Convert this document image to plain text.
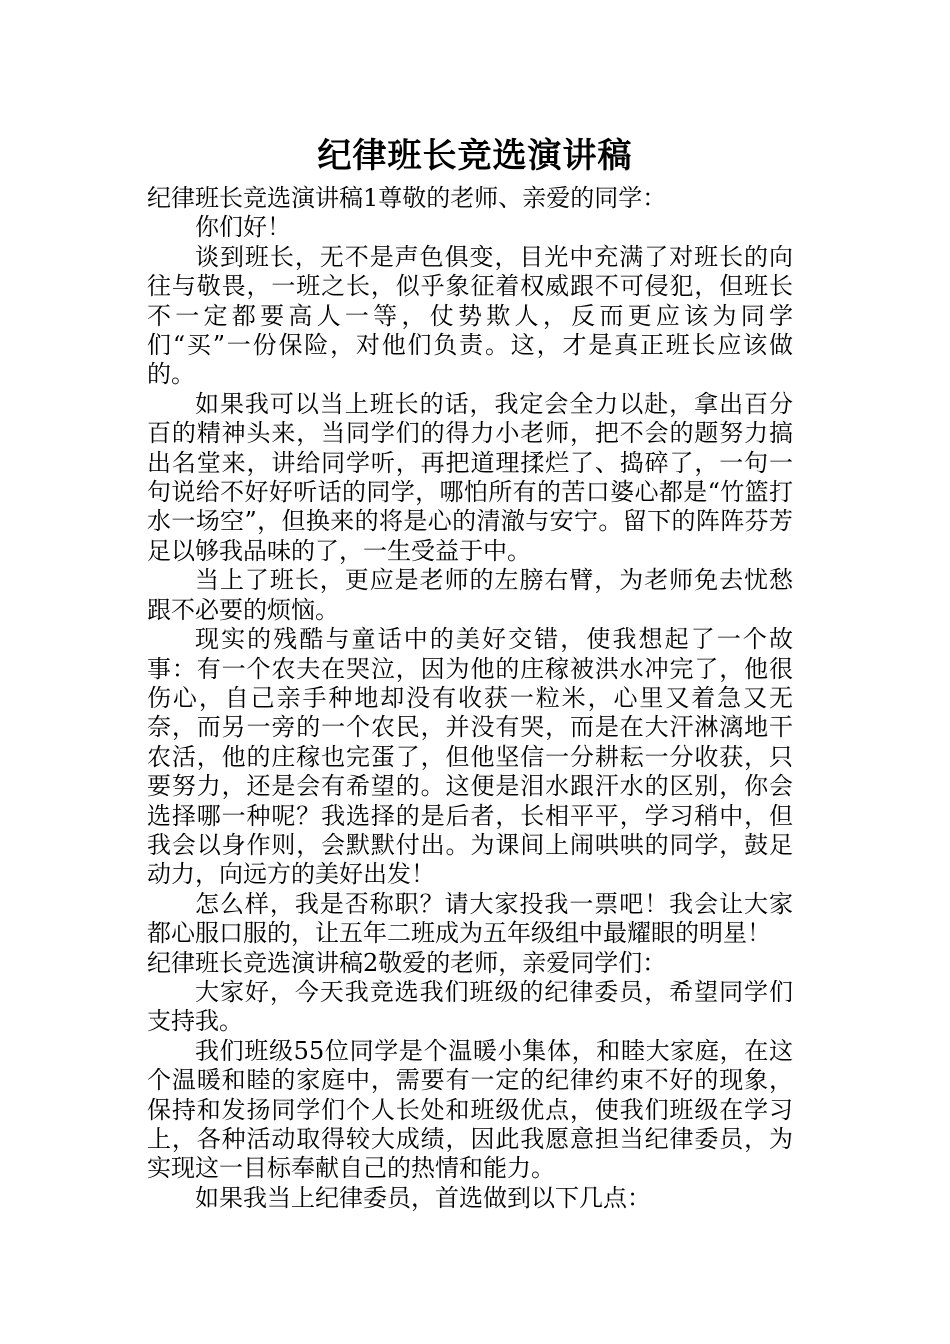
纪律班长竞选演讲稿

纪律班长竞选演讲稿1尊敬的老师、亲爱的同学：

你们好！

谈到班长，无不是声色俱变，目光中充满了对班长的向往与敬畏，一班之长，似乎象征着权威跟不可侵犯，但班长不一定都要高人一等，仗势欺人，反而更应该为同学们“买”一份保险，对他们负责。这，才是真正班长应该做的。

如果我可以当上班长的话，我定会全力以赴，拿出百分百的精神头来，当同学们的得力小老师，把不会的题努力搞出名堂来，讲给同学听，再把道理揉烂了、捣碎了，一句一句说给不好好听话的同学，哪怕所有的苦口婆心都是“竹篮打水一场空”，但换来的将是心的清澈与安宁。留下的阵阵芬芳足以够我品味的了，一生受益于中。

当上了班长，更应是老师的左膀右臂，为老师免去忧愁跟不必要的烦恼。

现实的残酷与童话中的美好交错，使我想起了一个故事：有一个农夫在哭泣，因为他的庄稼被洪水冲完了，他很伤心，自己亲手种地却没有收获一粒米，心里又着急又无奈，而另一旁的一个农民，并没有哭，而是在大汗淋漓地干农活，他的庄稼也完蛋了，但他坚信一分耕耘一分收获，只要努力，还是会有希望的。这便是泪水跟汗水的区别，你会选择哪一种呢？我选择的是后者，长相平平，学习稍中，但我会以身作则，会默默付出。为课间上闹哄哄的同学，鼓足动力，向远方的美好出发！

怎么样，我是否称职？请大家投我一票吧！我会让大家都心服口服的，让五年二班成为五年级组中最耀眼的明星！

纪律班长竞选演讲稿2敬爱的老师，亲爱同学们：

大家好，今天我竞选我们班级的纪律委员，希望同学们支持我。

我们班级55位同学是个温暖小集体，和睦大家庭，在这个温暖和睦的家庭中，需要有一定的纪律约束不好的现象，保持和发扬同学们个人长处和班级优点，使我们班级在学习上，各种活动取得较大成绩，因此我愿意担当纪律委员，为实现这一目标奉献自己的热情和能力。

如果我当上纪律委员，首选做到以下几点：
